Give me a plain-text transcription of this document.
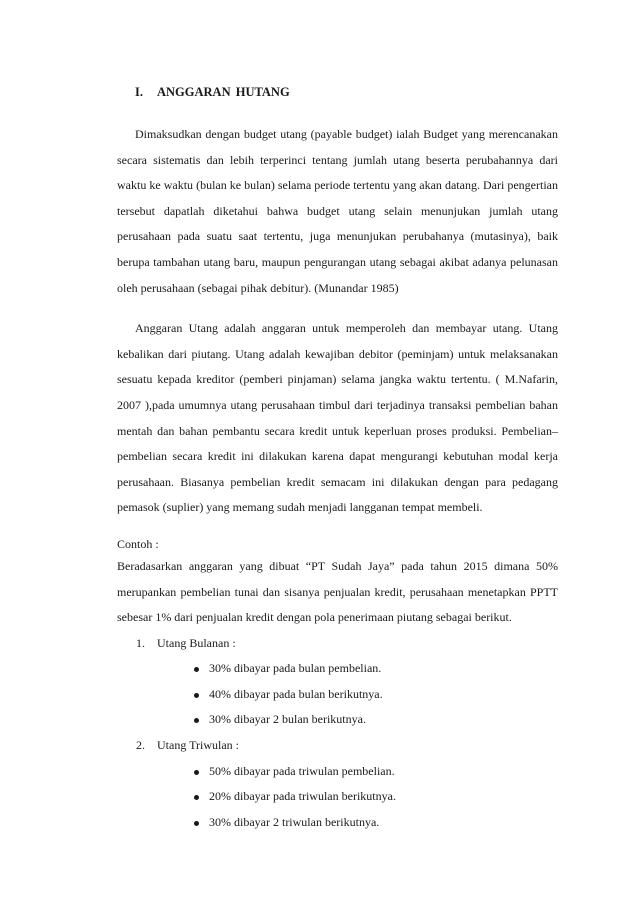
I. ANGGARAN HUTANG

Dimaksudkan dengan budget utang (payable budget) ialah Budget yang merencanakan secara sistematis dan lebih terperinci tentang jumlah utang beserta perubahannya dari waktu ke waktu (bulan ke bulan) selama periode tertentu yang akan datang. Dari pengertian tersebut dapatlah diketahui bahwa budget utang selain menunjukan jumlah utang perusahaan pada suatu saat tertentu, juga menunjukan perubahanya (mutasinya), baik berupa tambahan utang baru, maupun pengurangan utang sebagai akibat adanya pelunasan oleh perusahaan (sebagai pihak debitur). (Munandar 1985)

Anggaran Utang adalah anggaran untuk memperoleh dan membayar utang. Utang kebalikan dari piutang. Utang adalah kewajiban debitor (peminjam) untuk melaksanakan sesuatu kepada kreditor (pemberi pinjaman) selama jangka waktu tertentu. ( M.Nafarin, 2007 ),pada umumnya utang perusahaan timbul dari terjadinya transaksi pembelian bahan mentah dan bahan pembantu secara kredit untuk keperluan proses produksi. Pembelian–pembelian secara kredit ini dilakukan karena dapat mengurangi kebutuhan modal kerja perusahaan. Biasanya pembelian kredit semacam ini dilakukan dengan para pedagang pemasok (suplier) yang memang sudah menjadi langganan tempat membeli.

Contoh :

Beradasarkan anggaran yang dibuat “PT Sudah Jaya” pada tahun 2015 dimana 50% merupankan pembelian tunai dan sisanya penjualan kredit, perusahaan menetapkan PPTT sebesar 1% dari penjualan kredit dengan pola penerimaan piutang sebagai berikut.

1. Utang Bulanan :
30% dibayar pada bulan pembelian.
40% dibayar pada bulan berikutnya.
30% dibayar 2 bulan berikutnya.
2. Utang Triwulan :
50% dibayar pada triwulan pembelian.
20% dibayar pada triwulan berikutnya.
30% dibayar 2 triwulan berikutnya.
